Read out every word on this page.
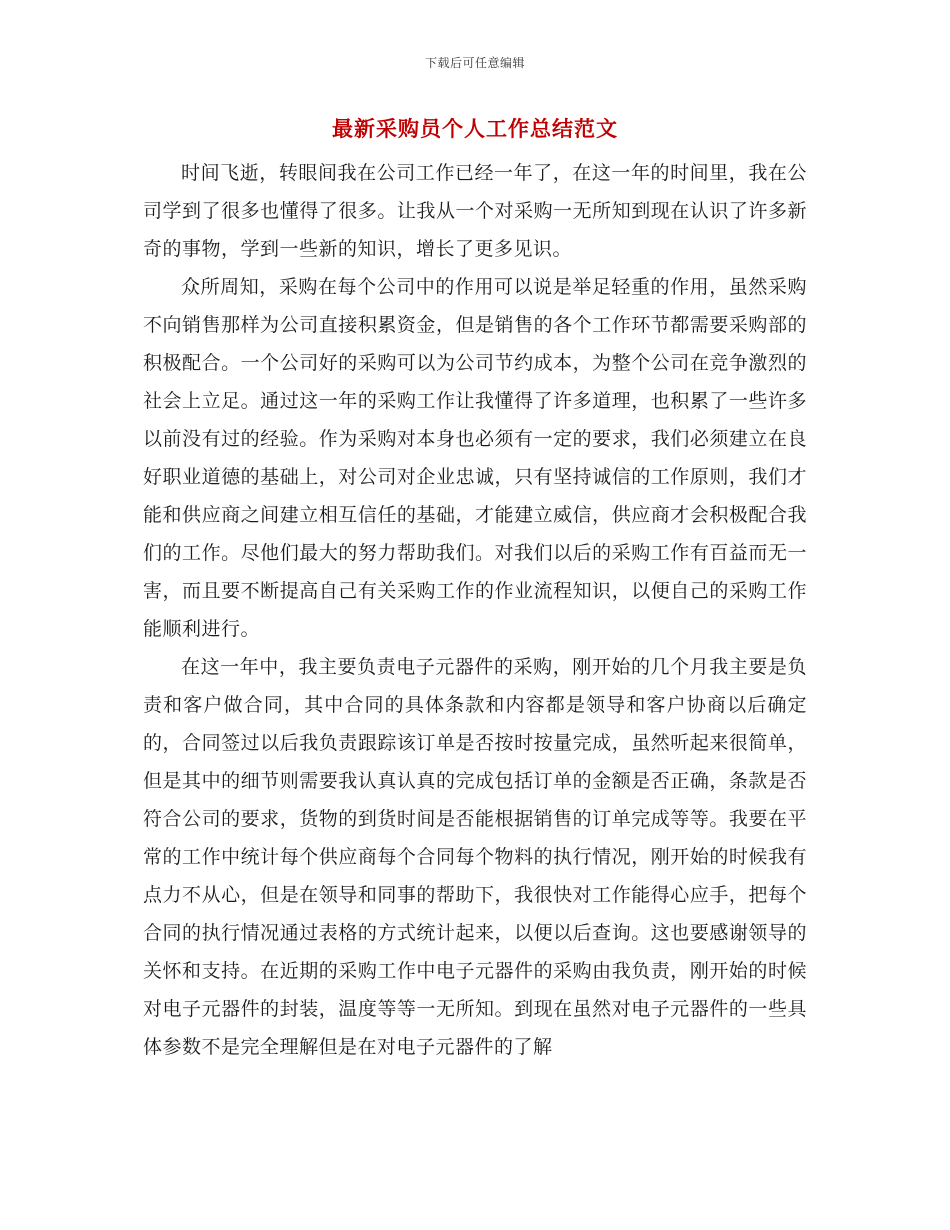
下载后可任意编辑
最新采购员个人工作总结范文

时间飞逝，转眼间我在公司工作已经一年了，在这一年的时间里，我在公司学到了很多也懂得了很多。让我从一个对采购一无所知到现在认识了许多新奇的事物，学到一些新的知识，增长了更多见识。

众所周知，采购在每个公司中的作用可以说是举足轻重的作用，虽然采购不向销售那样为公司直接积累资金，但是销售的各个工作环节都需要采购部的积极配合。一个公司好的采购可以为公司节约成本，为整个公司在竞争激烈的社会上立足。通过这一年的采购工作让我懂得了许多道理，也积累了一些许多以前没有过的经验。作为采购对本身也必须有一定的要求，我们必须建立在良好职业道德的基础上，对公司对企业忠诚，只有坚持诚信的工作原则，我们才能和供应商之间建立相互信任的基础，才能建立威信，供应商才会积极配合我们的工作。尽他们最大的努力帮助我们。对我们以后的采购工作有百益而无一害，而且要不断提高自己有关采购工作的作业流程知识，以便自己的采购工作能顺利进行。

在这一年中，我主要负责电子元器件的采购，刚开始的几个月我主要是负责和客户做合同，其中合同的具体条款和内容都是领导和客户协商以后确定的，合同签过以后我负责跟踪该订单是否按时按量完成，虽然听起来很简单，但是其中的细节则需要我认真认真的完成包括订单的金额是否正确，条款是否符合公司的要求，货物的到货时间是否能根据销售的订单完成等等。我要在平常的工作中统计每个供应商每个合同每个物料的执行情况，刚开始的时候我有点力不从心，但是在领导和同事的帮助下，我很快对工作能得心应手，把每个合同的执行情况通过表格的方式统计起来，以便以后查询。这也要感谢领导的关怀和支持。在近期的采购工作中电子元器件的采购由我负责，刚开始的时候对电子元器件的封装，温度等等一无所知。到现在虽然对电子元器件的一些具体参数不是完全理解但是在对电子元器件的了解
